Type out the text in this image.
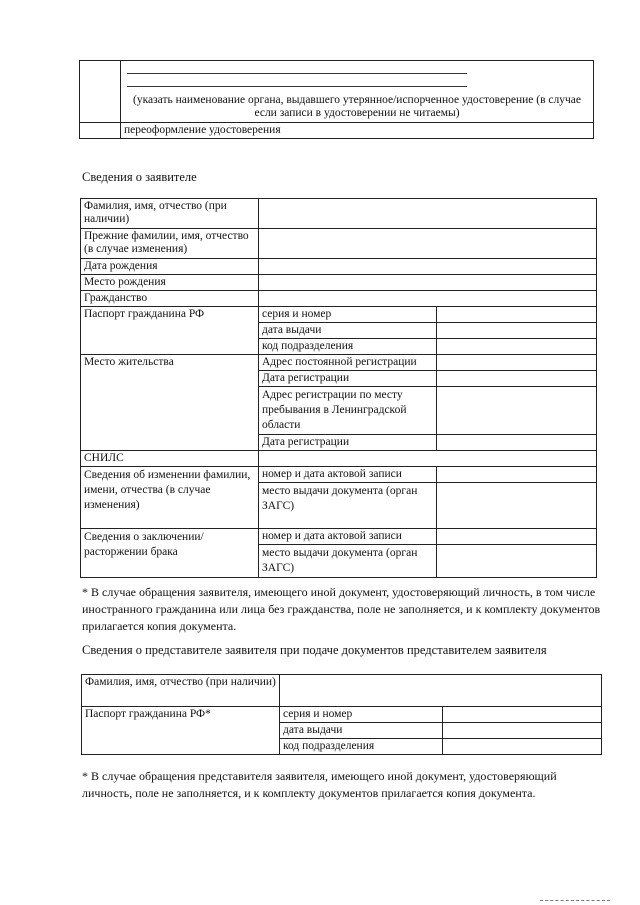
	(указать наименование органа, выдавшего утерянное/испорченное удостоверение (в случае если записи в удостоверении не читаемы)

	переоформление удостоверения
Сведения о заявителе
Фамилия, имя, отчество (при наличии)		
Прежние фамилии, имя, отчество (в случае изменения)		
Дата рождения		
Место рождения		
Гражданство		
Паспорт гражданина РФ	серия и номер	
	дата выдачи	
	код подразделения	
Место жительства	Адрес постоянной регистрации	
	Дата регистрации	
	Адрес регистрации по месту пребывания в Ленинградской области	
	Дата регистрации	
СНИЛС		
Сведения об изменении фамилии, имени, отчества (в случае изменения)	номер и дата актовой записи	
	место выдачи документа (орган ЗАГС)	
Сведения о заключении/расторжении брака	номер и дата актовой записи	
	место выдачи документа (орган ЗАГС)	
* В случае обращения заявителя, имеющего иной документ, удостоверяющий личность, в том числе иностранного гражданина или лица без гражданства, поле не заполняется, и к комплекту документов прилагается копия документа.
Сведения о представителе заявителя при подаче документов представителем заявителя
Фамилия, имя, отчество (при наличии)		
Паспорт гражданина РФ*	серия и номер	
	дата выдачи	
	код подразделения	
* В случае обращения представителя заявителя, имеющего иной документ, удостоверяющий личность, поле не заполняется, и к комплекту документов прилагается копия документа.
